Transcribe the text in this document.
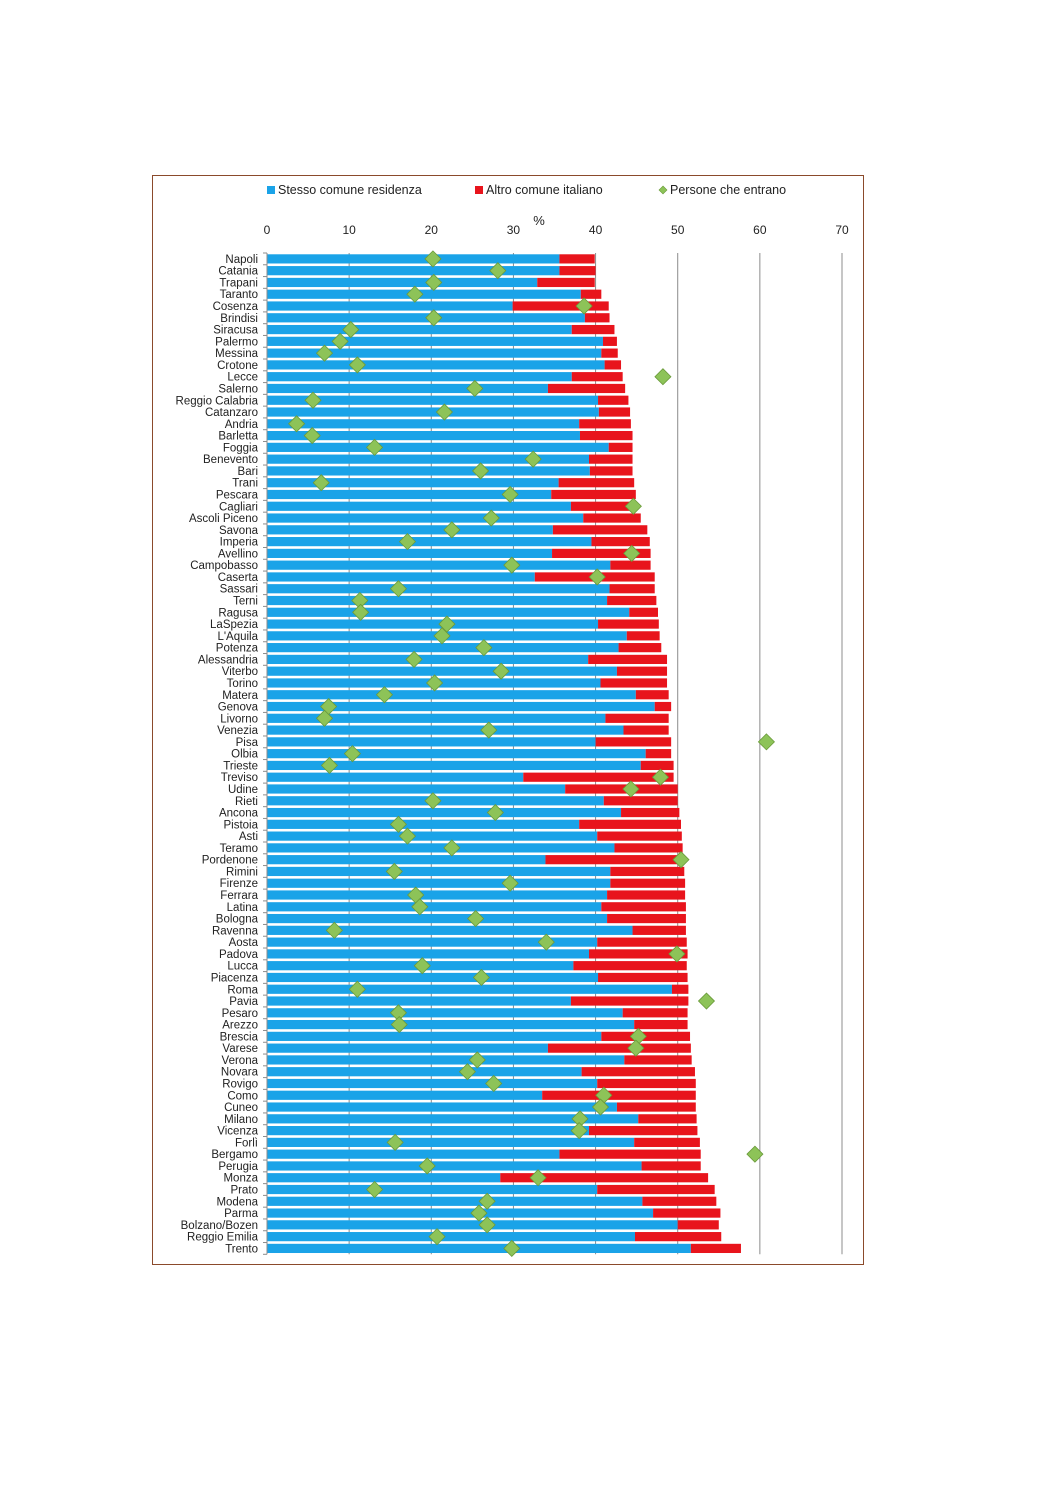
Stesso comune residenza	Altro comune italiano	Persone che entrano
0	10	20	30	40	50	60	70
%
Napoli
Catania
Trapani
Taranto
Cosenza
Brindisi
Siracusa
Palermo
Messina
Crotone
Lecce
Salerno
Reggio Calabria
Catanzaro
Andria
Barletta
Foggia
Benevento
Bari
Trani
Pescara
Cagliari
Ascoli Piceno
Savona
Imperia
Avellino
Campobasso
Caserta
Sassari
Terni
Ragusa
LaSpezia
L'Aquila
Potenza
Alessandria
Viterbo
Torino
Matera
Genova
Livorno
Venezia
Pisa
Olbia
Trieste
Treviso
Udine
Rieti
Ancona
Pistoia
Asti
Teramo
Pordenone
Rimini
Firenze
Ferrara
Latina
Bologna
Ravenna
Aosta
Padova
Lucca
Piacenza
Roma
Pavia
Pesaro
Arezzo
Brescia
Varese
Verona
Novara
Rovigo
Como
Cuneo
Milano
Vicenza
Forlì
Bergamo
Perugia
Monza
Prato
Modena
Parma
Bolzano/Bozen
Reggio Emilia
Trento
